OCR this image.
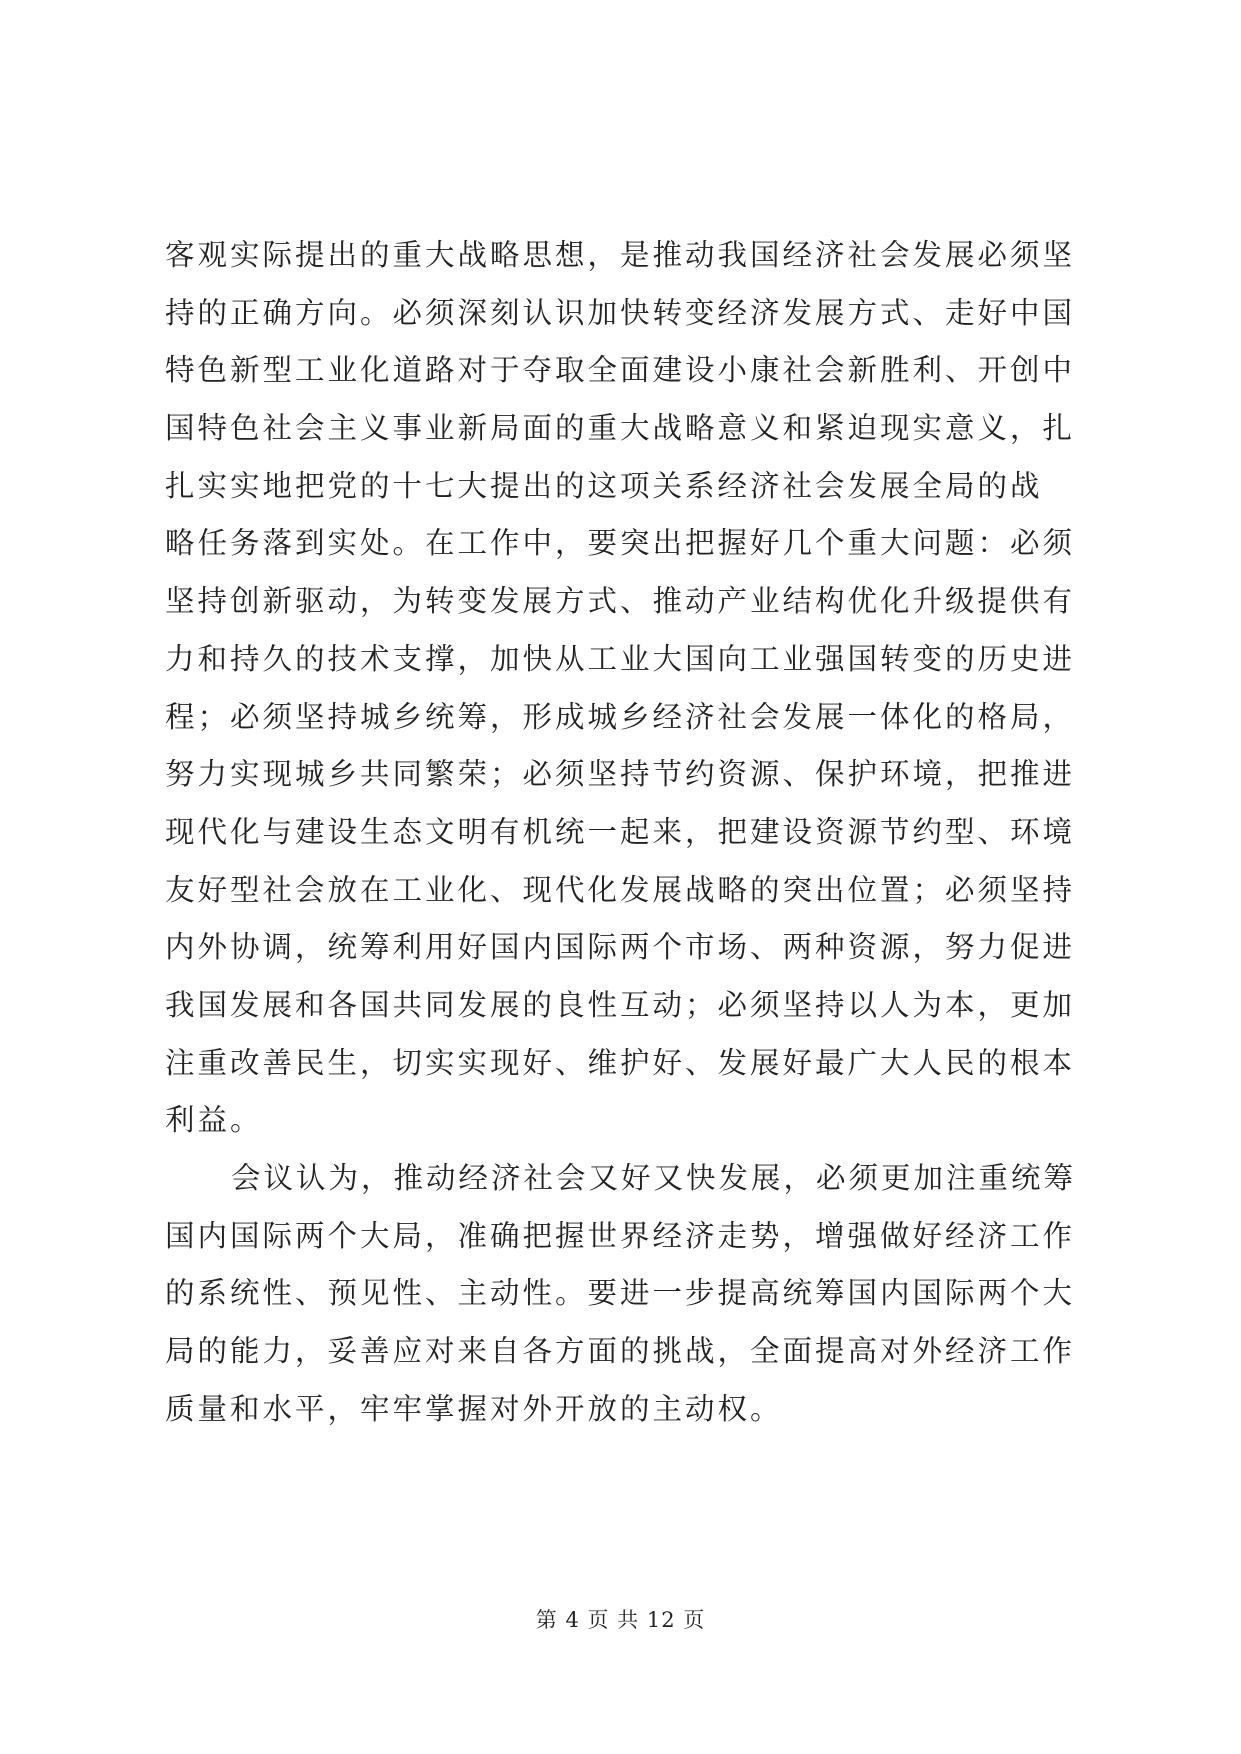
客观实际提出的重大战略思想，是推动我国经济社会发展必须坚
持的正确方向。必须深刻认识加快转变经济发展方式、走好中国
特色新型工业化道路对于夺取全面建设小康社会新胜利、开创中
国特色社会主义事业新局面的重大战略意义和紧迫现实意义，扎
扎实实地把党的十七大提出的这项关系经济社会发展全局的战
略任务落到实处。在工作中，要突出把握好几个重大问题：必须
坚持创新驱动，为转变发展方式、推动产业结构优化升级提供有
力和持久的技术支撑，加快从工业大国向工业强国转变的历史进
程；必须坚持城乡统筹，形成城乡经济社会发展一体化的格局，
努力实现城乡共同繁荣；必须坚持节约资源、保护环境，把推进
现代化与建设生态文明有机统一起来，把建设资源节约型、环境
友好型社会放在工业化、现代化发展战略的突出位置；必须坚持
内外协调，统筹利用好国内国际两个市场、两种资源，努力促进
我国发展和各国共同发展的良性互动；必须坚持以人为本，更加
注重改善民生，切实实现好、维护好、发展好最广大人民的根本
利益。
会议认为，推动经济社会又好又快发展，必须更加注重统筹
国内国际两个大局，准确把握世界经济走势，增强做好经济工作
的系统性、预见性、主动性。要进一步提高统筹国内国际两个大
局的能力，妥善应对来自各方面的挑战，全面提高对外经济工作
质量和水平，牢牢掌握对外开放的主动权。
第 4 页 共 12 页
